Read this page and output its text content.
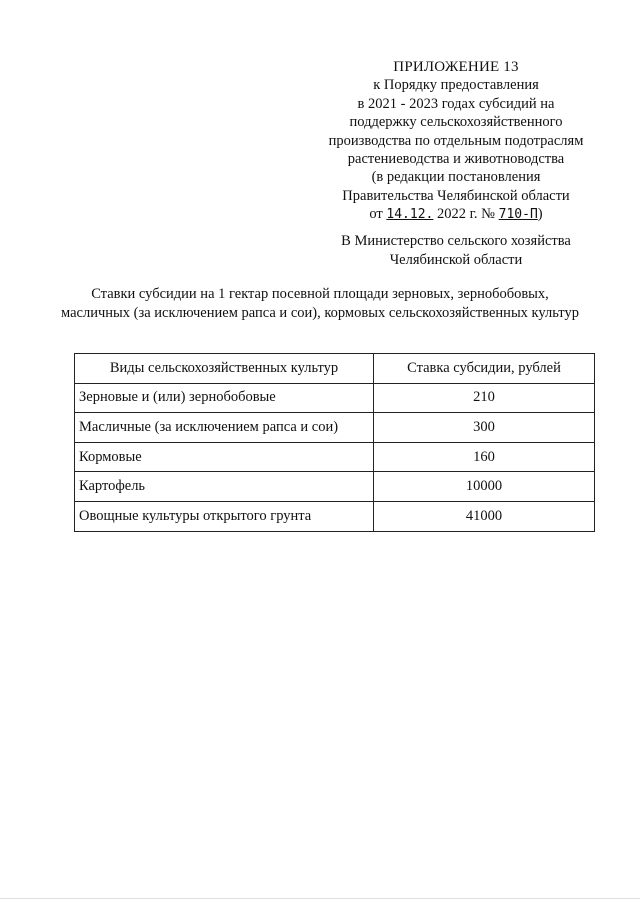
ПРИЛОЖЕНИЕ 13
к Порядку предоставления
в 2021 - 2023 годах субсидий на
поддержку сельскохозяйственного
производства по отдельным подотраслям
растениеводства и животноводства
(в редакции постановления
Правительства Челябинской области
от 14.12. 2022 г. № 710-П)
В Министерство сельского хозяйства
Челябинской области
Ставки субсидии на 1 гектар посевной площади зерновых, зернобобовых, масличных (за исключением рапса и сои), кормовых сельскохозяйственных культур
Виды сельскохозяйственных культур	Ставка субсидии, рублей
Зерновые и (или) зернобобовые	210
Масличные (за исключением рапса и сои)	300
Кормовые	160
Картофель	10000
Овощные культуры открытого грунта	41000
